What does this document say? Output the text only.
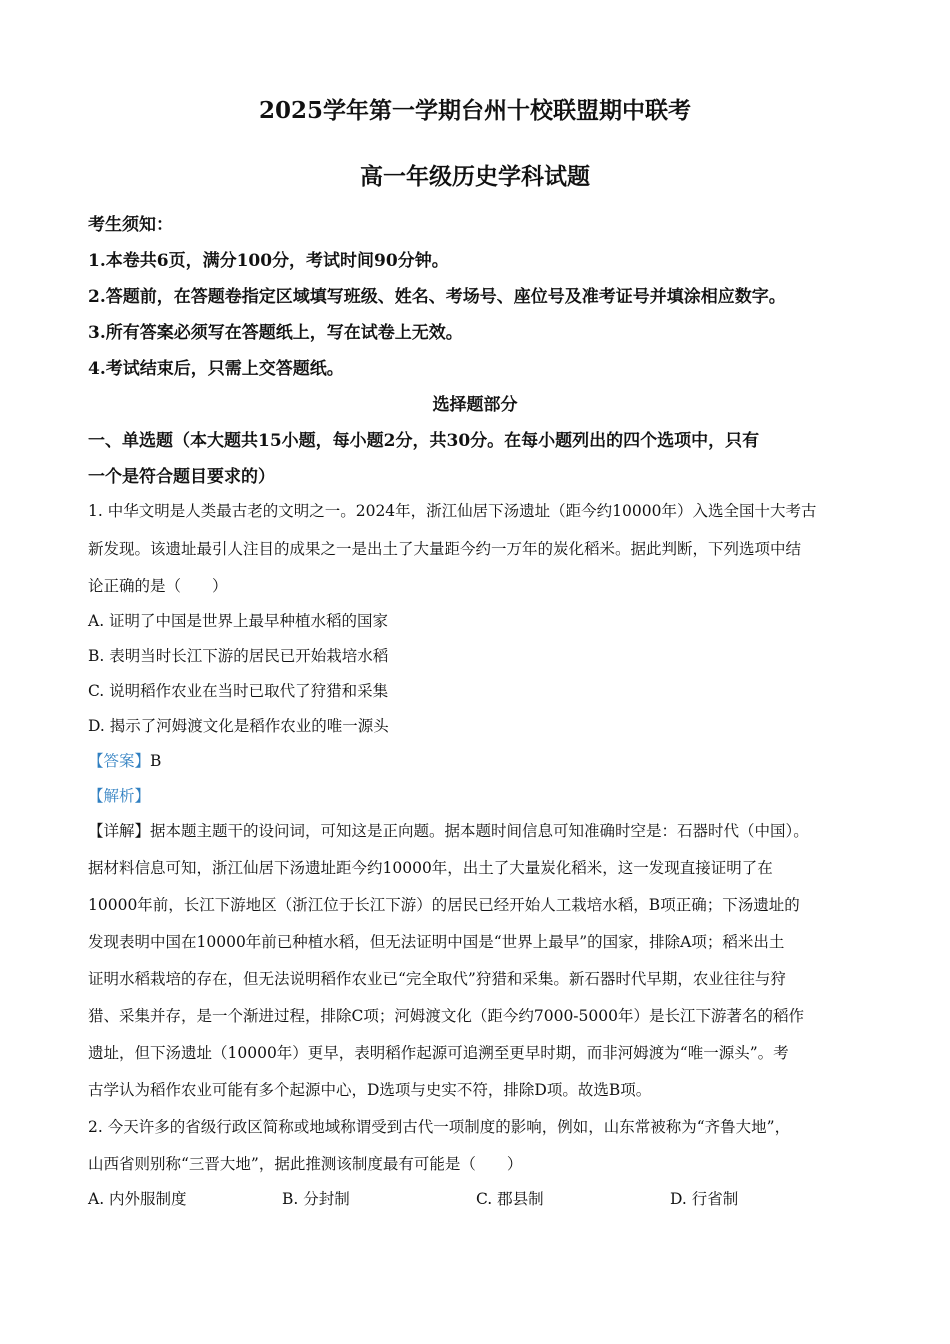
2025学年第一学期台州十校联盟期中联考
高一年级历史学科试题
考生须知：
1.本卷共6页，满分100分，考试时间90分钟。
2.答题前，在答题卷指定区域填写班级、姓名、考场号、座位号及准考证号并填涂相应数字。
3.所有答案必须写在答题纸上，写在试卷上无效。
4.考试结束后，只需上交答题纸。
选择题部分
一、单选题（本大题共15小题，每小题2分，共30分。在每小题列出的四个选项中，只有
一个是符合题目要求的）
1. 中华文明是人类最古老的文明之一。2024年，浙江仙居下汤遗址（距今约10000年）入选全国十大考古
新发现。该遗址最引人注目的成果之一是出土了大量距今约一万年的炭化稻米。据此判断，下列选项中结
论正确的是（　　）
A. 证明了中国是世界上最早种植水稻的国家
B. 表明当时长江下游的居民已开始栽培水稻
C. 说明稻作农业在当时已取代了狩猎和采集
D. 揭示了河姆渡文化是稻作农业的唯一源头
【答案】B
【解析】
【详解】据本题主题干的设问词，可知这是正向题。据本题时间信息可知准确时空是：石器时代（中国）。
据材料信息可知，浙江仙居下汤遗址距今约10000年，出土了大量炭化稻米，这一发现直接证明了在
10000年前，长江下游地区（浙江位于长江下游）的居民已经开始人工栽培水稻，B项正确；下汤遗址的
发现表明中国在10000年前已种植水稻，但无法证明中国是“世界上最早”的国家，排除A项；稻米出土
证明水稻栽培的存在，但无法说明稻作农业已“完全取代”狩猎和采集。新石器时代早期，农业往往与狩
猎、采集并存，是一个渐进过程，排除C项；河姆渡文化（距今约7000-5000年）是长江下游著名的稻作
遗址，但下汤遗址（10000年）更早，表明稻作起源可追溯至更早时期，而非河姆渡为“唯一源头”。考
古学认为稻作农业可能有多个起源中心，D选项与史实不符，排除D项。故选B项。
2. 今天许多的省级行政区简称或地域称谓受到古代一项制度的影响，例如，山东常被称为“齐鲁大地”，
山西省则别称“三晋大地”，据此推测该制度最有可能是（　　）
A. 内外服制度	B. 分封制	C. 郡县制	D. 行省制
